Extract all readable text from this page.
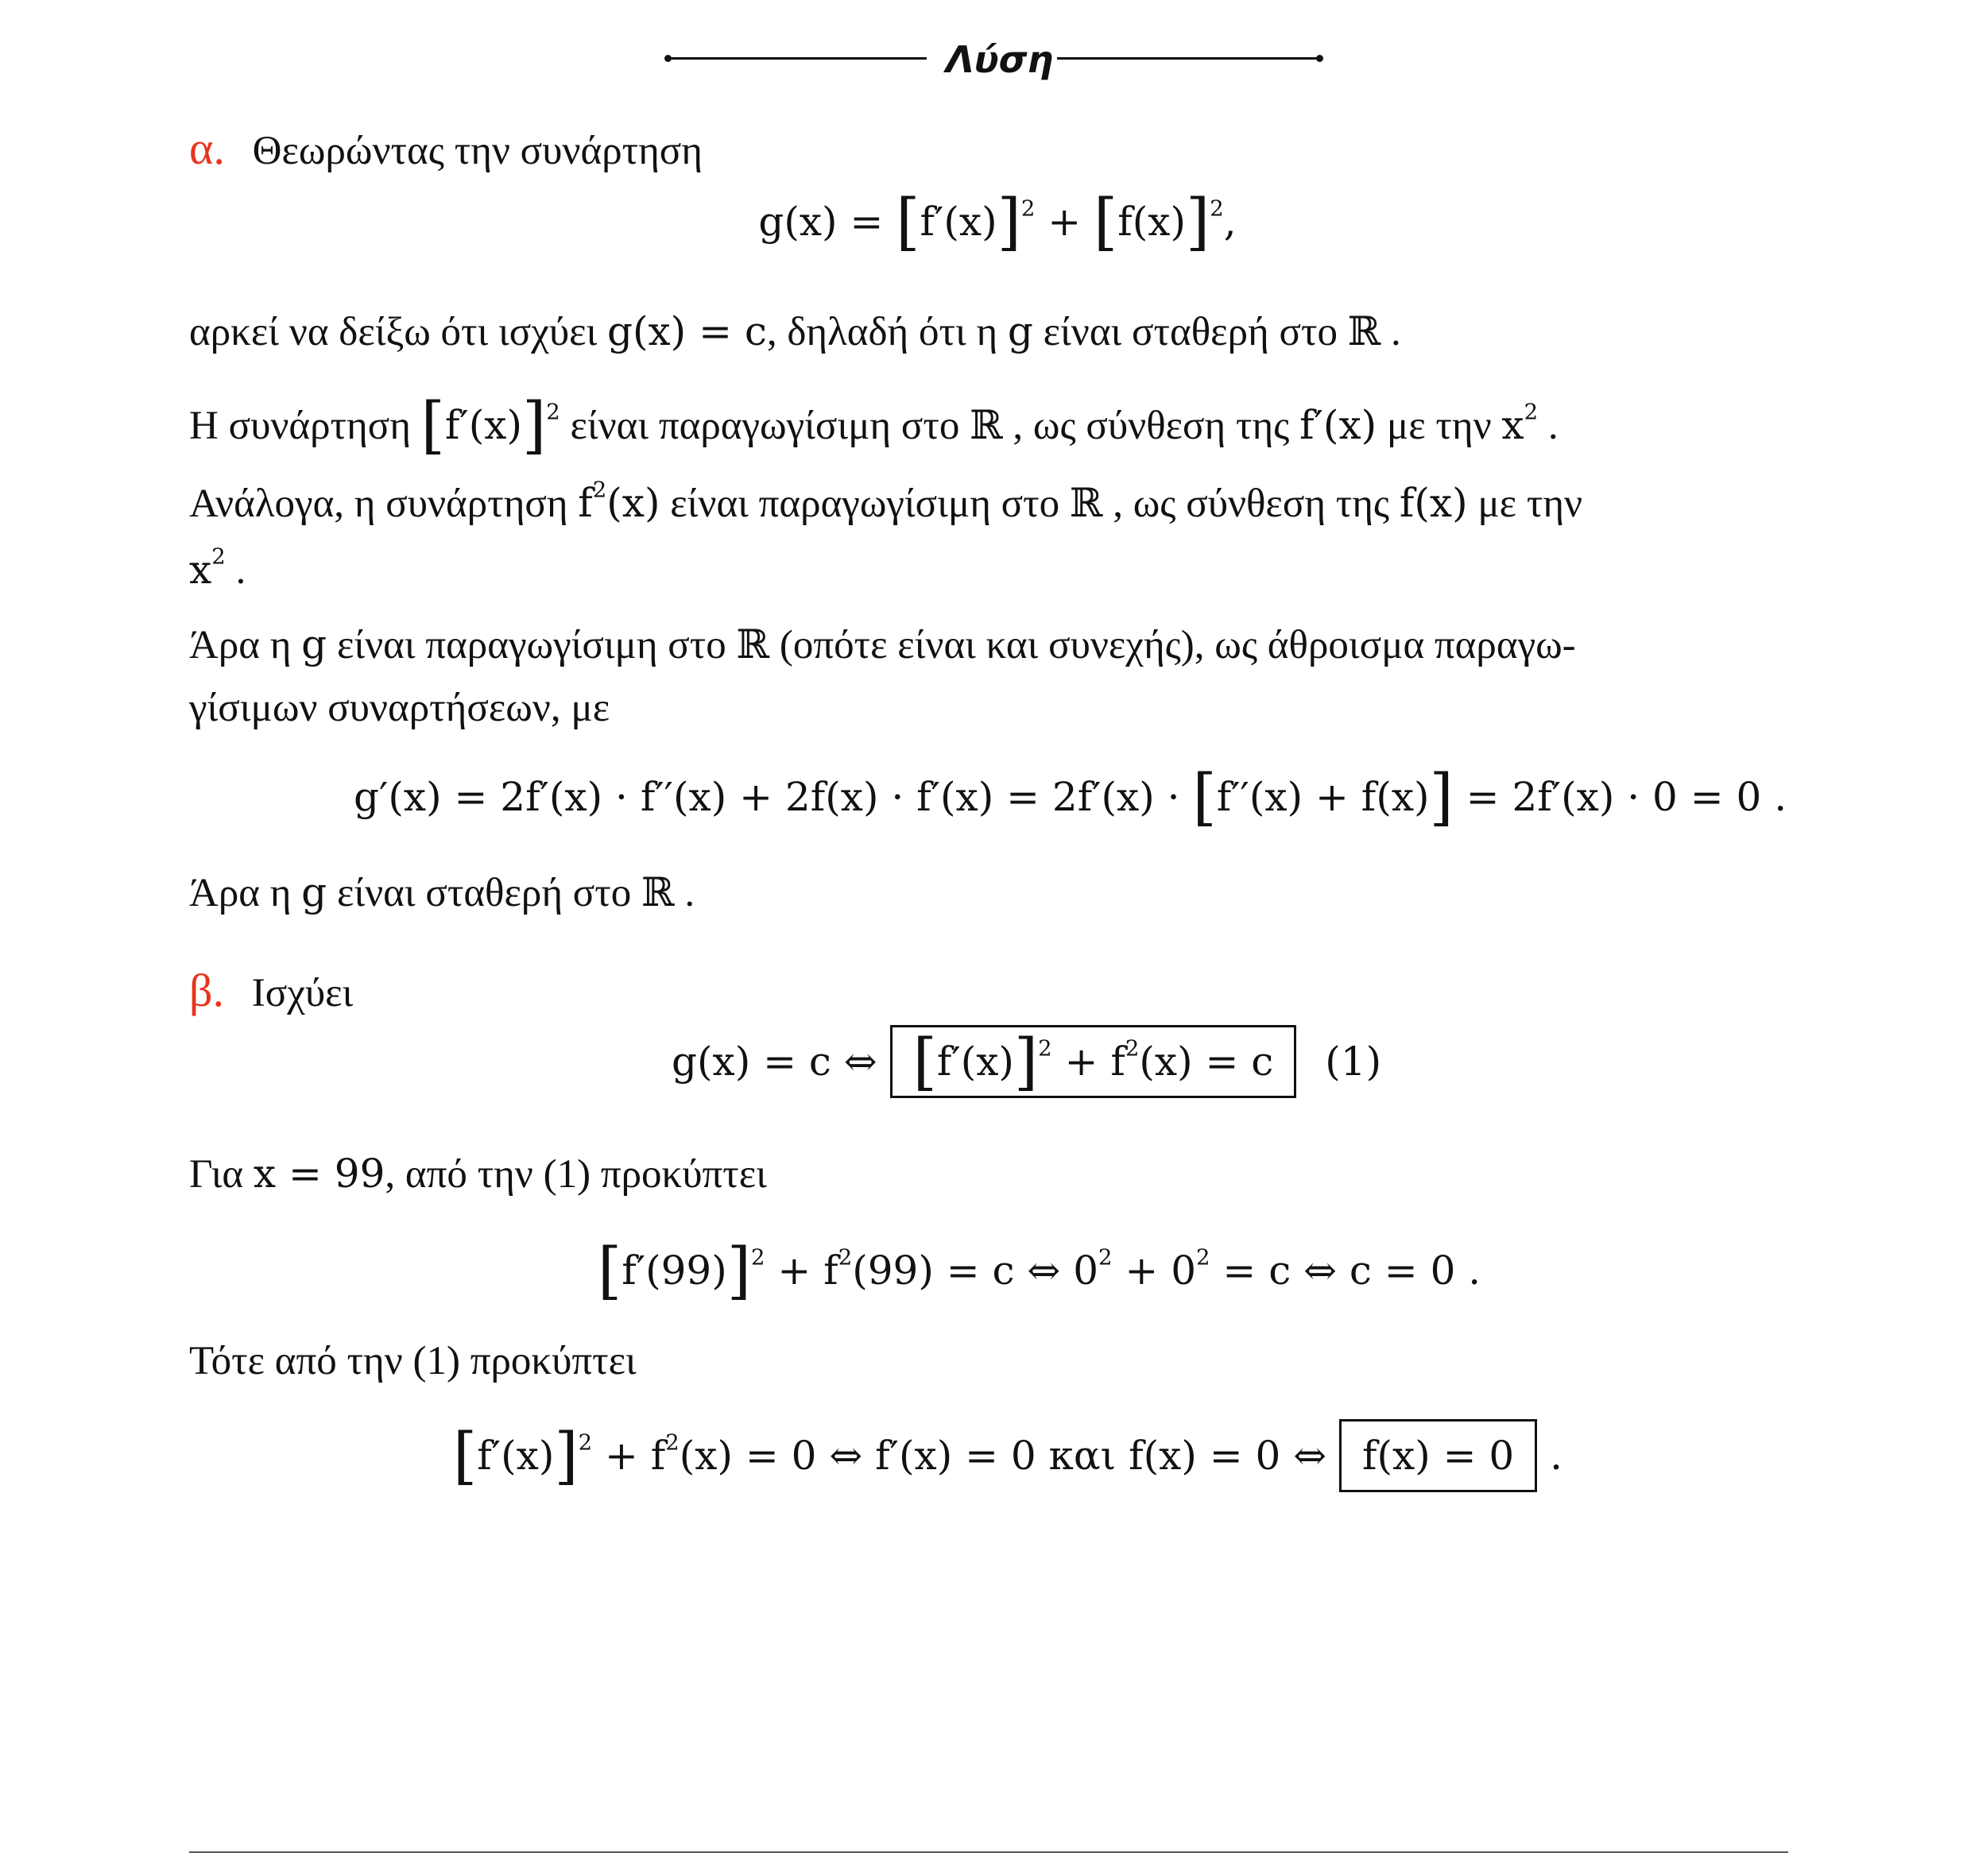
Λύση
α. Θεωρώντας την συνάρτηση
$g(x) = [f'(x)]^2 + [f(x)]^2$,
αρκεί να δείξω ότι ισχύει g(x) = c, δηλαδή ότι η g είναι σταθερή στο ℝ .
Η συνάρτηση $[f'(x)]^2$ είναι παραγωγίσιμη στο ℝ , ως σύνθεση της f′(x) με την $x^2$ .
Ανάλογα, η συνάρτηση $f^2(x)$ είναι παραγωγίσιμη στο ℝ , ως σύνθεση της f(x) με την
$x^2$ .
Άρα η g είναι παραγωγίσιμη στο ℝ (οπότε είναι και συνεχής), ως άθροισμα παραγω-
γίσιμων συναρτήσεων, με
g′(x) = 2f′(x) · f′′(x) + 2f(x) · f′(x) = 2f′(x) · [f′′(x) + f(x)] = 2f′(x) · 0 = 0 .
Άρα η g είναι σταθερή στο ℝ .
β. Ισχύει
g(x) = c ⇔ $[f'(x)]^2 + f^2(x) = c$ (1)
Για x = 99, από την (1) προκύπτει
$[f'(99)]^2 + f^2(99) = c$ ⇔ $0^2 + 0^2 = c$ ⇔ c = 0 .
Τότε από την (1) προκύπτει
$[f'(x)]^2 + f^2(x) = 0$ ⇔ f′(x) = 0 και f(x) = 0 ⇔ f(x) = 0 .
